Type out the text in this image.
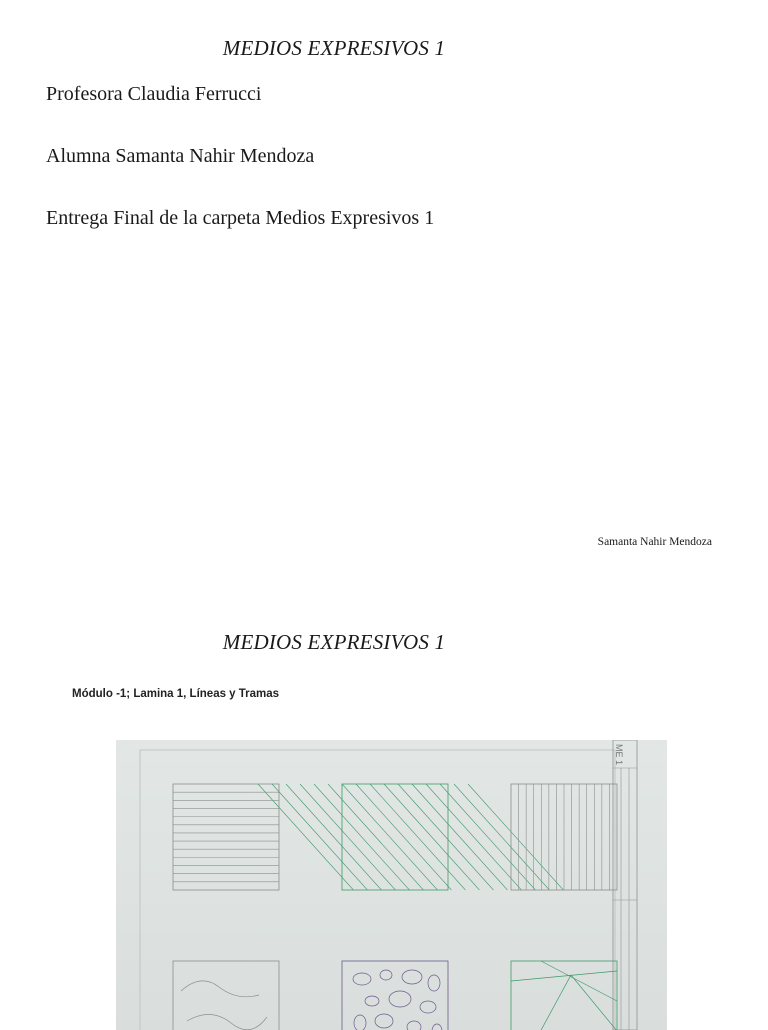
MEDIOS EXPRESIVOS 1
Profesora Claudia Ferrucci
Alumna Samanta Nahir Mendoza
Entrega Final de la carpeta Medios Expresivos 1
Samanta Nahir Mendoza
MEDIOS EXPRESIVOS 1
Módulo -1; Lamina 1, Líneas y Tramas
ME 1
